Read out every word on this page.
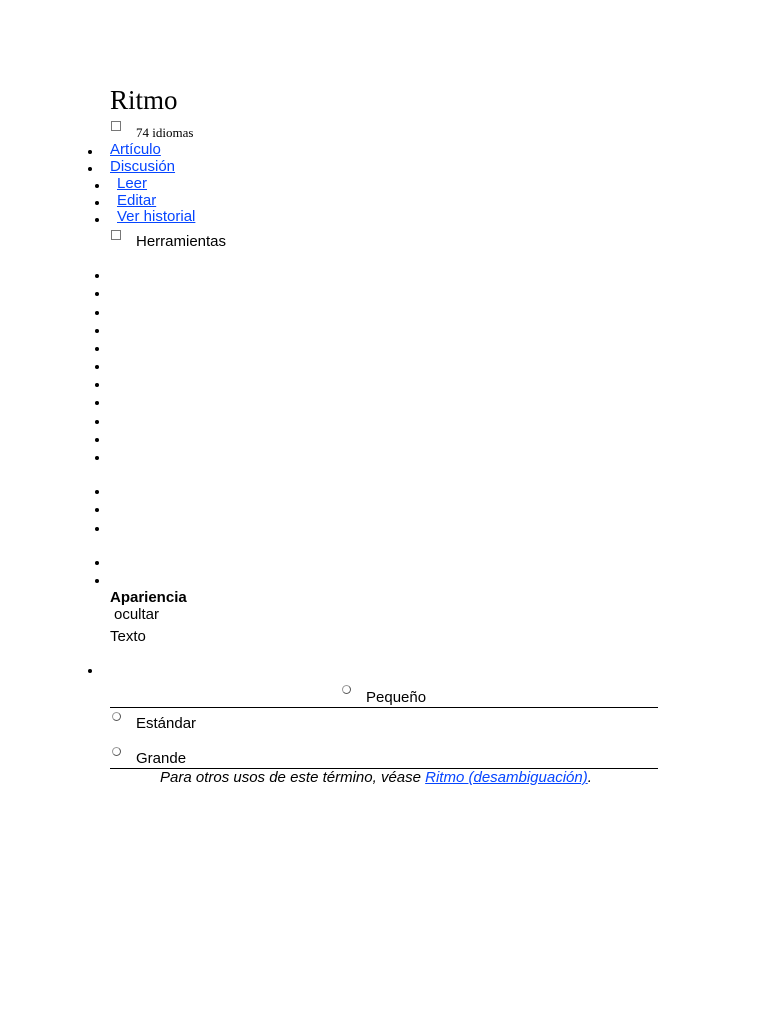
Ritmo
74 idiomas
Artículo
Discusión
Leer
Editar
Ver historial
Herramientas
Apariencia
ocultar
Texto
Pequeño
Estándar
Grande
Para otros usos de este término, véase Ritmo (desambiguación).
